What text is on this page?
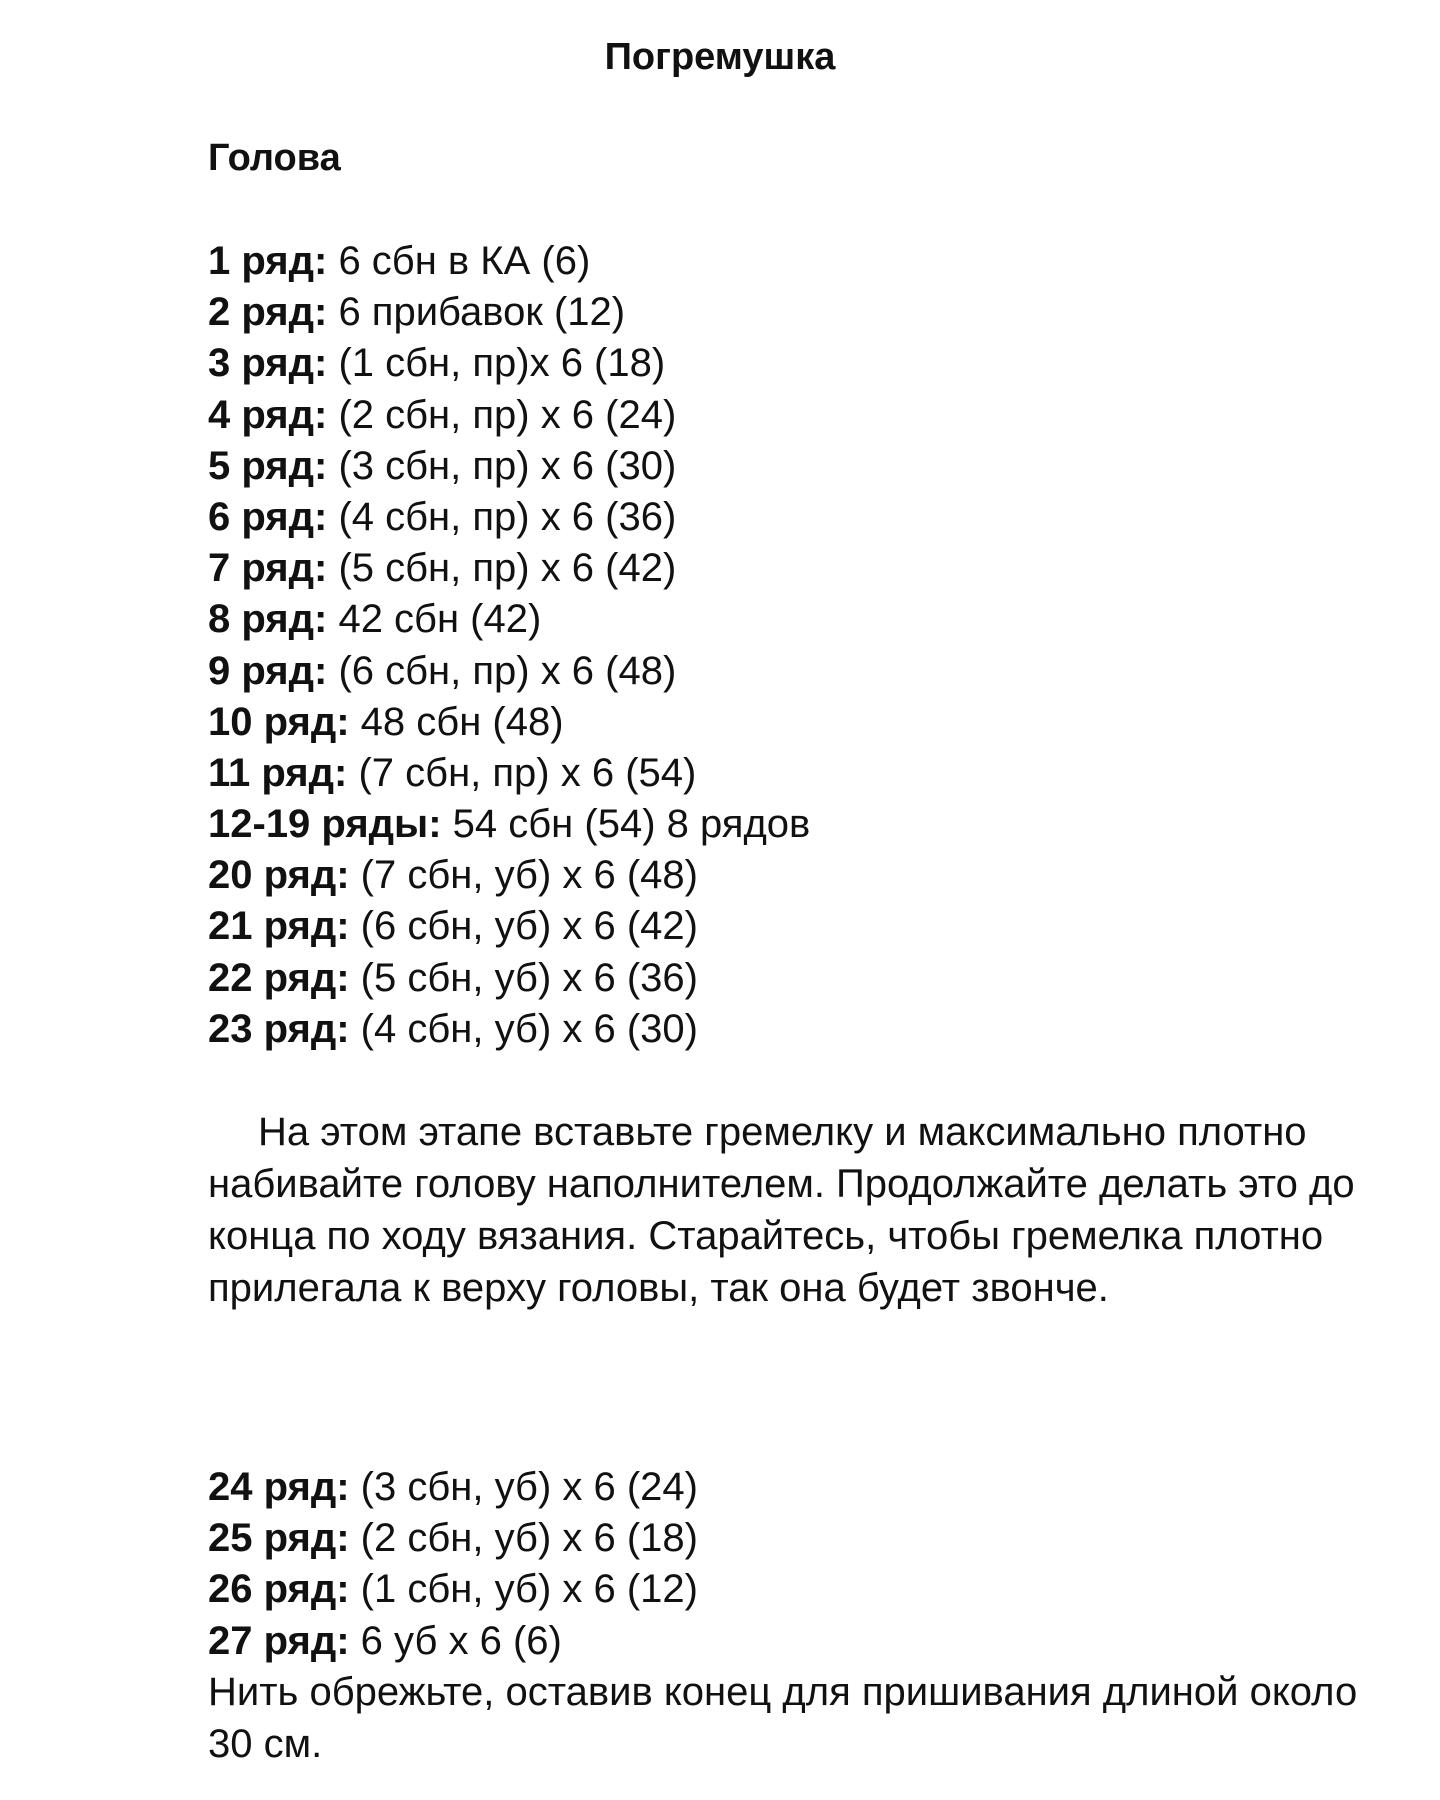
Погремушка
Голова
1 ряд: 6 сбн в КА (6)
2 ряд: 6 прибавок (12)
3 ряд: (1 сбн, пр)х 6 (18)
4 ряд: (2 сбн, пр) х 6 (24)
5 ряд: (3 сбн, пр) х 6 (30)
6 ряд: (4 сбн, пр) х 6 (36)
7 ряд: (5 сбн, пр) х 6 (42)
8 ряд: 42 сбн (42)
9 ряд: (6 сбн, пр) х 6 (48)
10 ряд: 48 сбн (48)
11 ряд: (7 сбн, пр) х 6 (54)
12-19 ряды: 54 сбн (54) 8 рядов
20 ряд: (7 сбн, уб) х 6 (48)
21 ряд: (6 сбн, уб) х 6 (42)
22 ряд: (5 сбн, уб) х 6 (36)
23 ряд: (4 сбн, уб) х 6 (30)

На этом этапе вставьте гремелку и максимально плотно набивайте голову наполнителем. Продолжайте делать это до конца по ходу вязания. Старайтесь, чтобы гремелка плотно прилегала к верху головы, так она будет звонче.

24 ряд: (3 сбн, уб) х 6 (24)
25 ряд: (2 сбн, уб) х 6 (18)
26 ряд: (1 сбн, уб) х 6 (12)
27 ряд: 6 уб х 6 (6)

Нить обрежьте, оставив конец для пришивания длиной около 30 см.
